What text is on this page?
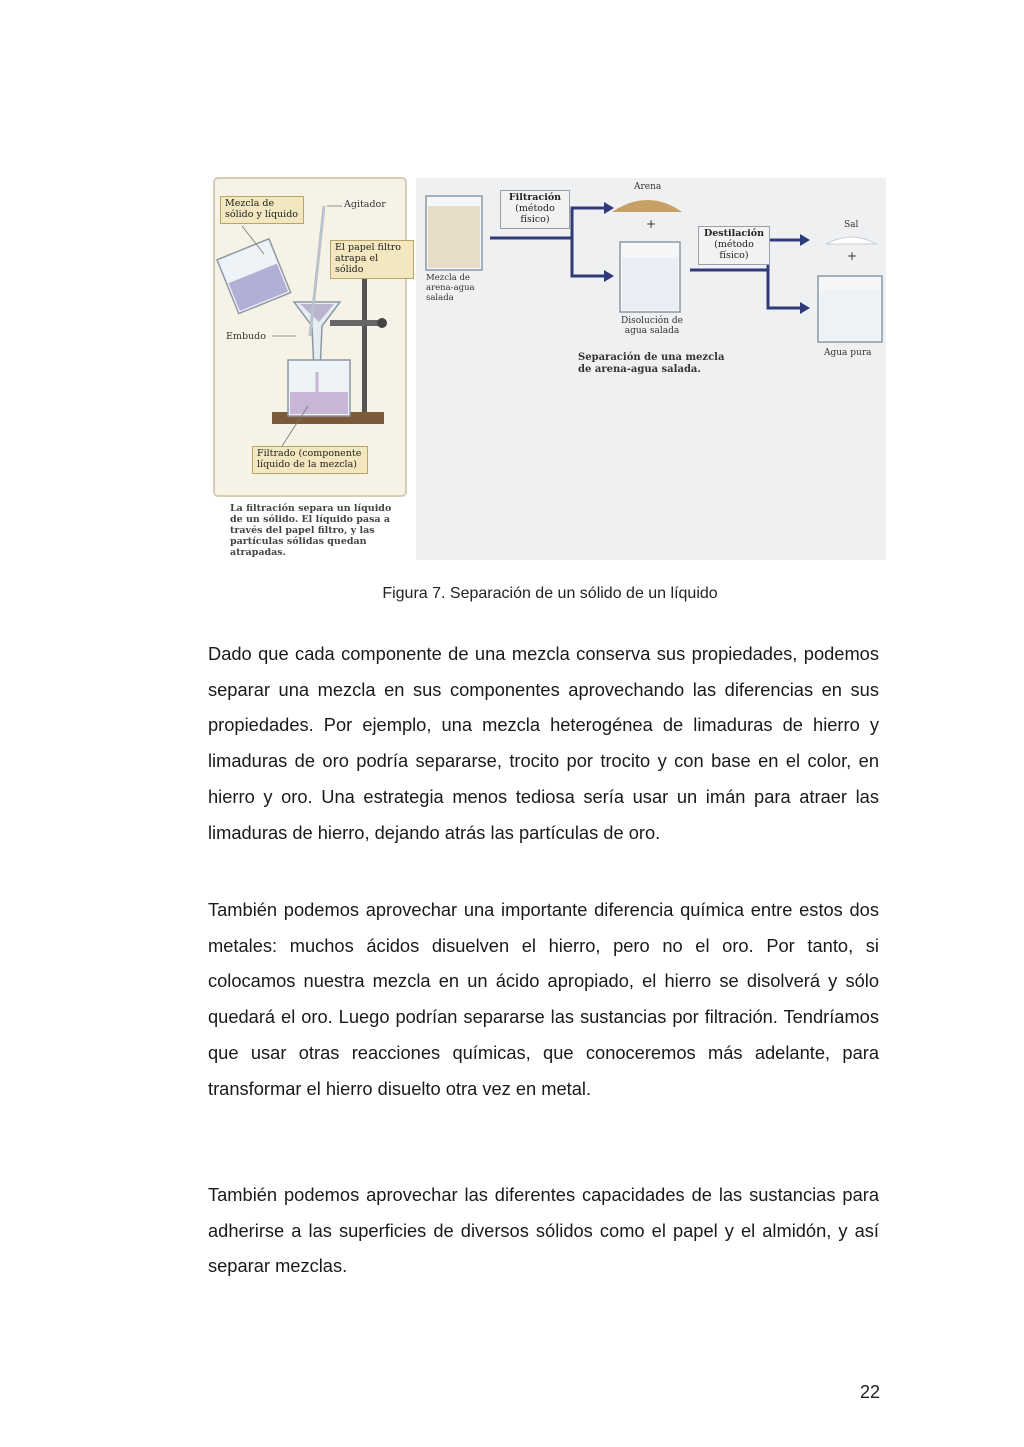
Mezcla de sólido y líquido
Agitador
El papel filtro atrapa el sólido
Embudo
Filtrado (componente líquido de la mezcla)
La filtración separa un líquido de un sólido. El líquido pasa a través del papel filtro, y las partículas sólidas quedan atrapadas.
Mezcla de arena-agua salada
Filtración
(método físico)
Arena
+
Disolución de agua salada
Destilación
(método físico)
Sal
+
Agua pura
Separación de una mezcla de arena-agua salada.
Figura 7. Separación de un sólido de un líquido

Dado que cada componente de una mezcla conserva sus propiedades, podemos separar una mezcla en sus componentes aprovechando las diferencias en sus propiedades. Por ejemplo, una mezcla heterogénea de limaduras de hierro y limaduras de oro podría separarse, trocito por trocito y con base en el color, en hierro y oro. Una estrategia menos tediosa sería usar un imán para atraer las limaduras de hierro, dejando atrás las partículas de oro.

También podemos aprovechar una importante diferencia química entre estos dos metales: muchos ácidos disuelven el hierro, pero no el oro. Por tanto, si colocamos nuestra mezcla en un ácido apropiado, el hierro se disolverá y sólo quedará el oro. Luego podrían separarse las sustancias por filtración. Tendríamos que usar otras reacciones químicas, que conoceremos más adelante, para transformar el hierro disuelto otra vez en metal.

También podemos aprovechar las diferentes capacidades de las sustancias para adherirse a las superficies de diversos sólidos como el papel y el almidón, y así separar mezclas.

22
